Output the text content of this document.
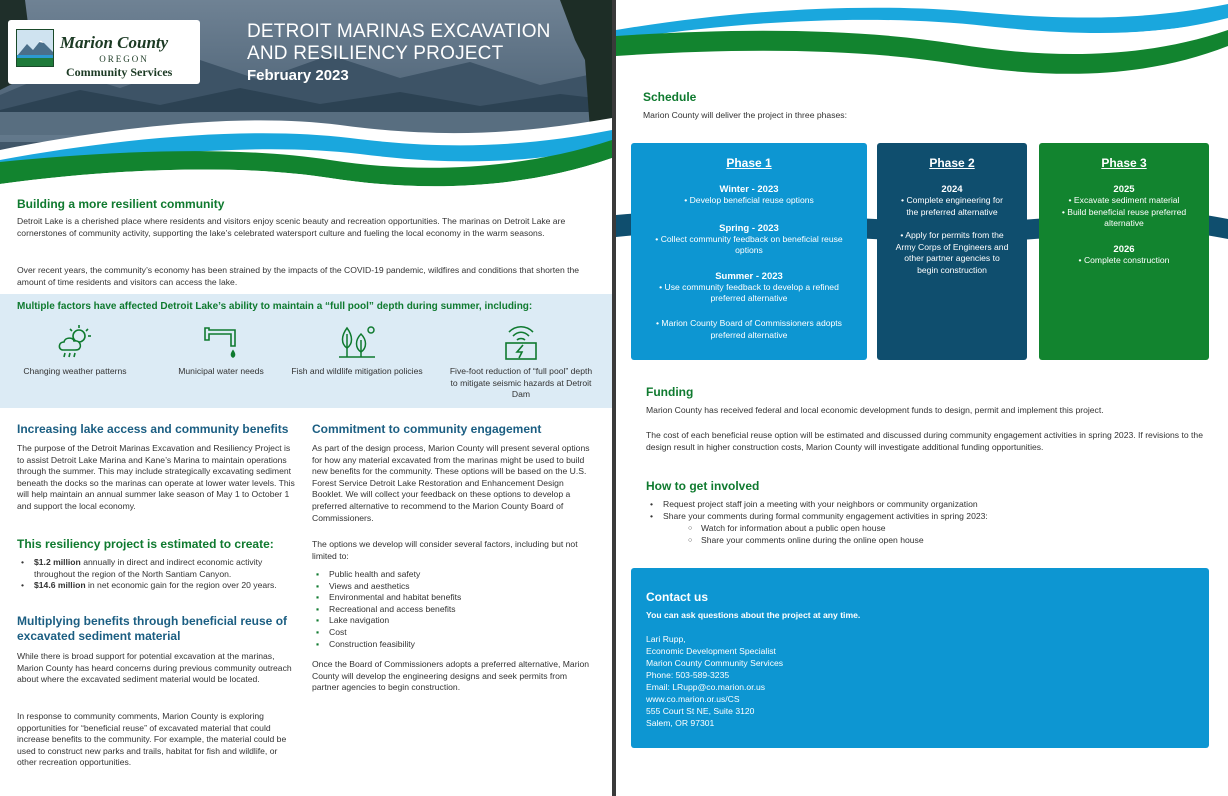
Marion County
OREGON
Community Services
DETROIT MARINAS EXCAVATION
AND RESILIENCY PROJECT
February 2023
Building a more resilient community
Detroit Lake is a cherished place where residents and visitors enjoy scenic beauty and recreation opportunities. The marinas on Detroit Lake are cornerstones of community activity, supporting the lake’s celebrated watersport culture and fueling the local economy in the warm seasons.
Over recent years, the community’s economy has been strained by the impacts of the COVID-19 pandemic, wildfires and conditions that shorten the amount of time residents and visitors can access the lake.
Multiple factors have affected Detroit Lake’s ability to maintain a “full pool” depth during summer, including:
Changing weather patterns	Municipal water needs	Fish and wildlife mitigation policies	Five-foot reduction of “full pool” depth to mitigate seismic hazards at Detroit Dam
Increasing lake access and community benefits
The purpose of the Detroit Marinas Excavation and Resiliency Project is to assist Detroit Lake Marina and Kane’s Marina to maintain operations through the summer. This may include strategically excavating sediment beneath the docks so the marinas can operate at lower water levels. This will help maintain an annual summer lake season of May 1 to October 1 and support the local economy.
This resiliency project is estimated to create:
• $1.2 million annually in direct and indirect economic activity throughout the region of the North Santiam Canyon.
• $14.6 million in net economic gain for the region over 20 years.
Multiplying benefits through beneficial reuse of
excavated sediment material
While there is broad support for potential excavation at the marinas, Marion County has heard concerns during previous community outreach about where the excavated sediment material would be located.
In response to community comments, Marion County is exploring opportunities for “beneficial reuse” of excavated material that could increase benefits to the community. For example, the material could be used to construct new parks and trails, habitat for fish and wildlife, or other recreation opportunities.
Commitment to community engagement
As part of the design process, Marion County will present several options for how any material excavated from the marinas might be used to build new benefits for the community. These options will be based on the U.S. Forest Service Detroit Lake Restoration and Enhancement Design Booklet. We will collect your feedback on these options to develop a preferred alternative to recommend to the Marion County Board of Commissioners.
The options we develop will consider several factors, including but not limited to:
▪ Public health and safety
▪ Views and aesthetics
▪ Environmental and habitat benefits
▪ Recreational and access benefits
▪ Lake navigation
▪ Cost
▪ Construction feasibility
Once the Board of Commissioners adopts a preferred alternative, Marion County will develop the engineering designs and seek permits from partner agencies to begin construction.
Schedule
Marion County will deliver the project in three phases:
Phase 1
Winter - 2023
• Develop beneficial reuse options
Spring - 2023
• Collect community feedback on beneficial reuse
options
Summer - 2023
• Use community feedback to develop a refined
preferred alternative
• Marion County Board of Commissioners adopts
preferred alternative
Phase 2
2024
• Complete engineering for
the preferred alternative
• Apply for permits from the
Army Corps of Engineers and
other partner agencies to
begin construction
Phase 3
2025
• Excavate sediment material
• Build beneficial reuse preferred
alternative
2026
• Complete construction
Funding
Marion County has received federal and local economic development funds to design, permit and implement this project.
The cost of each beneficial reuse option will be estimated and discussed during community engagement activities in spring 2023. If revisions to the design result in higher construction costs, Marion County will investigate additional funding opportunities.
How to get involved
• Request project staff join a meeting with your neighbors or community organization
• Share your comments during formal community engagement activities in spring 2023:
○ Watch for information about a public open house
○ Share your comments online during the online open house
Contact us
You can ask questions about the project at any time.
Lari Rupp,
Economic Development Specialist
Marion County Community Services
Phone: 503-589-3235
Email: LRupp@co.marion.or.us
www.co.marion.or.us/CS
555 Court St NE, Suite 3120
Salem, OR 97301
